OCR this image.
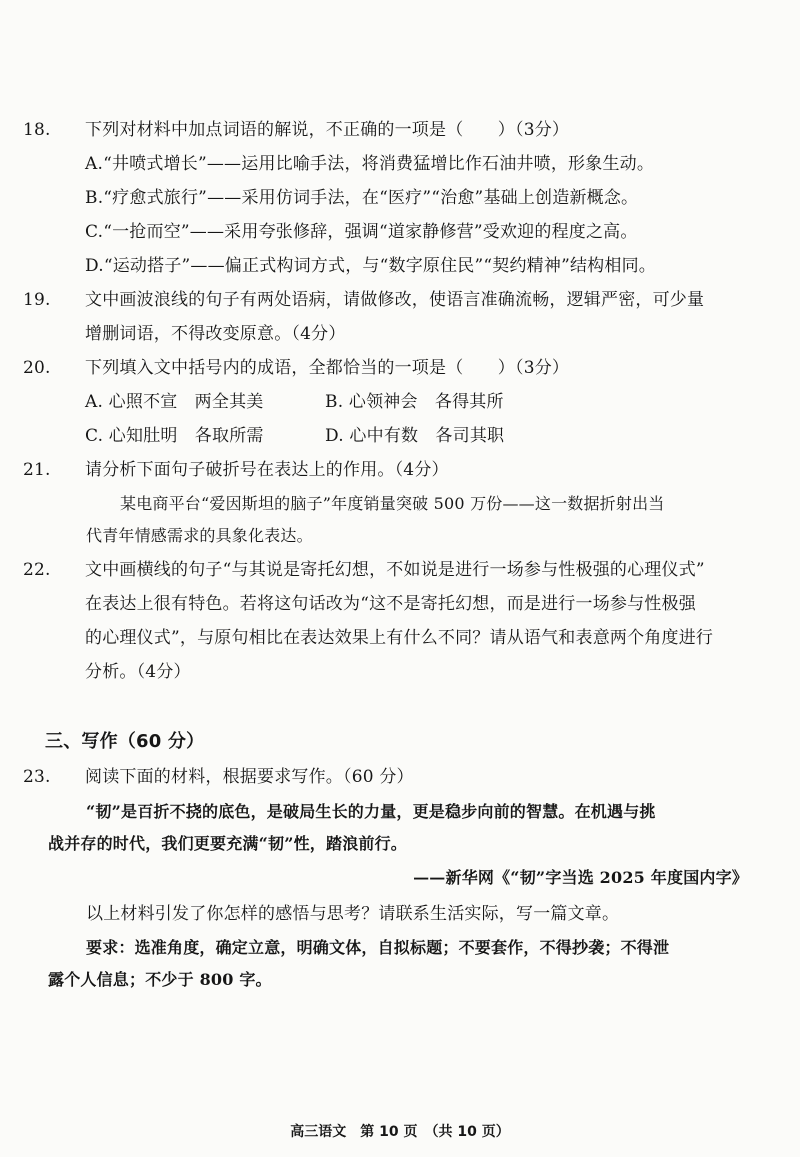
18. 下列对材料中加点词语的解说，不正确的一项是（　　）（3分）
A.“井喷式增长”——运用比喻手法，将消费猛增比作石油井喷，形象生动。
B.“疗愈式旅行”——采用仿词手法，在“医疗”“治愈”基础上创造新概念。
C.“一抢而空”——采用夸张修辞，强调“道家静修营”受欢迎的程度之高。
D.“运动搭子”——偏正式构词方式，与“数字原住民”“契约精神”结构相同。
19. 文中画波浪线的句子有两处语病，请做修改，使语言准确流畅，逻辑严密，可少量
增删词语，不得改变原意。（4分）
20. 下列填入文中括号内的成语，全都恰当的一项是（　　）（3分）
A. 心照不宣　两全其美	B. 心领神会　各得其所
C. 心知肚明　各取所需	D. 心中有数　各司其职
21. 请分析下面句子破折号在表达上的作用。（4分）
某电商平台“爱因斯坦的脑子”年度销量突破 500 万份——这一数据折射出当
代青年情感需求的具象化表达。
22. 文中画横线的句子“与其说是寄托幻想，不如说是进行一场参与性极强的心理仪式”
在表达上很有特色。若将这句话改为“这不是寄托幻想，而是进行一场参与性极强
的心理仪式”，与原句相比在表达效果上有什么不同？请从语气和表意两个角度进行
分析。（4分）
三、写作（60 分）
23. 阅读下面的材料，根据要求写作。（60 分）
“韧”是百折不挠的底色，是破局生长的力量，更是稳步向前的智慧。在机遇与挑
战并存的时代，我们更要充满“韧”性，踏浪前行。
——新华网《“韧”字当选 2025 年度国内字》
以上材料引发了你怎样的感悟与思考？请联系生活实际，写一篇文章。
要求：选准角度，确定立意，明确文体，自拟标题；不要套作，不得抄袭；不得泄
露个人信息；不少于 800 字。
高三语文　第 10 页　（共 10 页）
